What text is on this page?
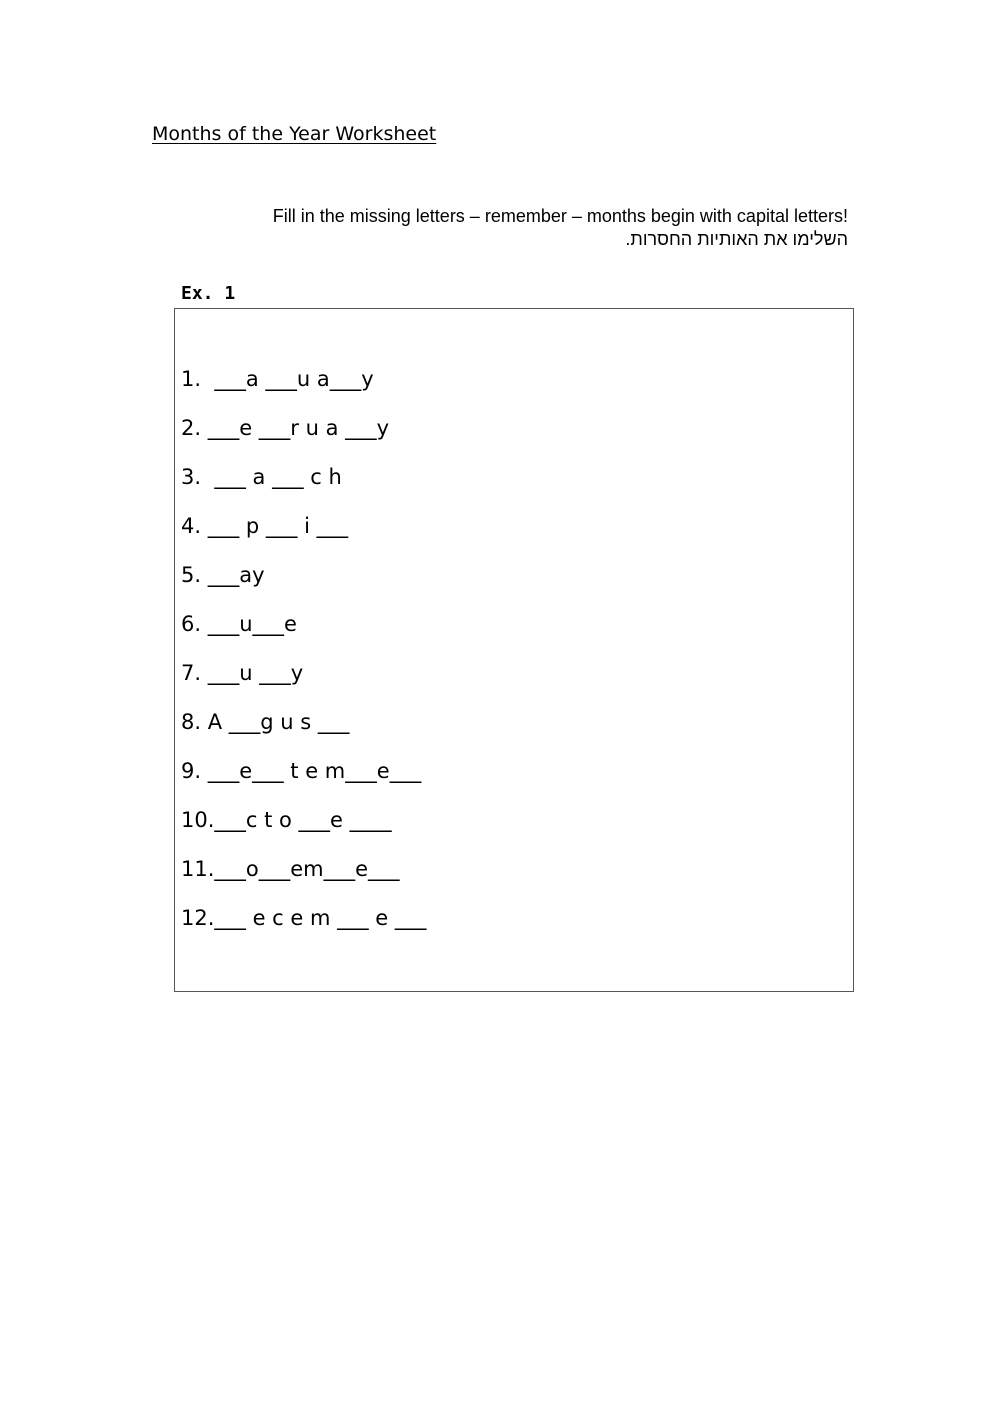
Months of the Year Worksheet
Fill in the missing letters – remember – months begin with capital letters!
השלימו את האותיות החסרות.
Ex. 1
1.  ___a ___u a___y
2. ___e ___r u a ___y
3.  ___ a ___ c h
4. ___ p ___ i ___
5. ___ay
6. ___u___e
7. ___u ___y
8. A ___g u s ___
9. ___e___ t e m___e___
10.___c t o ___e ____
11.___o___em___e___
12.___ e c e m ___ e ___
